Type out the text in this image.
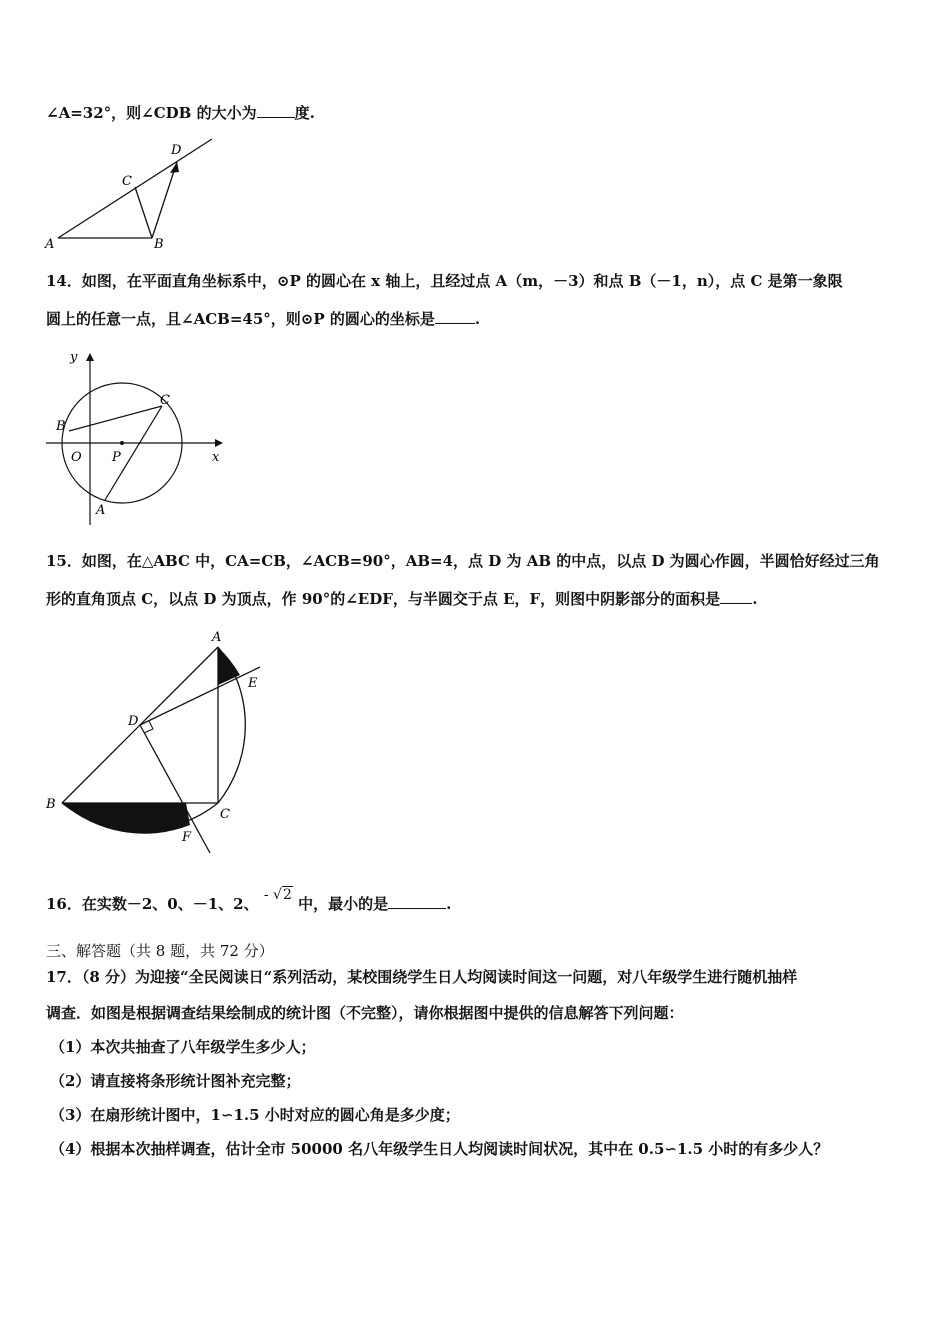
∠A=32°，则∠CDB 的大小为	度.
A	B
C
D
14．如图，在平面直角坐标系中，⊙P 的圆心在 x 轴上，且经过点 A（m，－3）和点 B（－1，n），点 C 是第一象限
圆上的任意一点，且∠ACB=45°，则⊙P 的圆心的坐标是	.
y
x
O P
B
C
A
15．如图，在△ABC 中，CA=CB，∠ACB=90°，AB=4，点 D 为 AB 的中点，以点 D 为圆心作圆，半圆恰好经过三角
形的直角顶点 C，以点 D 为顶点，作 90°的∠EDF，与半圆交于点 E，F，则图中阴影部分的面积是 .
A
B
C
D
E
F
16．在实数－2、0、－1、2、 - √2 中，最小的是	.
三、解答题（共 8 题，共 72 分）
17．（8 分）为迎接“全民阅读日“系列活动，某校围绕学生日人均阅读时间这一问题，对八年级学生进行随机抽样
调查．如图是根据调查结果绘制成的统计图（不完整），请你根据图中提供的信息解答下列问题：
（1）本次共抽查了八年级学生多少人；
（2）请直接将条形统计图补充完整；
（3）在扇形统计图中，1∽1.5 小时对应的圆心角是多少度；
（4）根据本次抽样调查，估计全市 50000 名八年级学生日人均阅读时间状况，其中在 0.5∽1.5 小时的有多少人？
